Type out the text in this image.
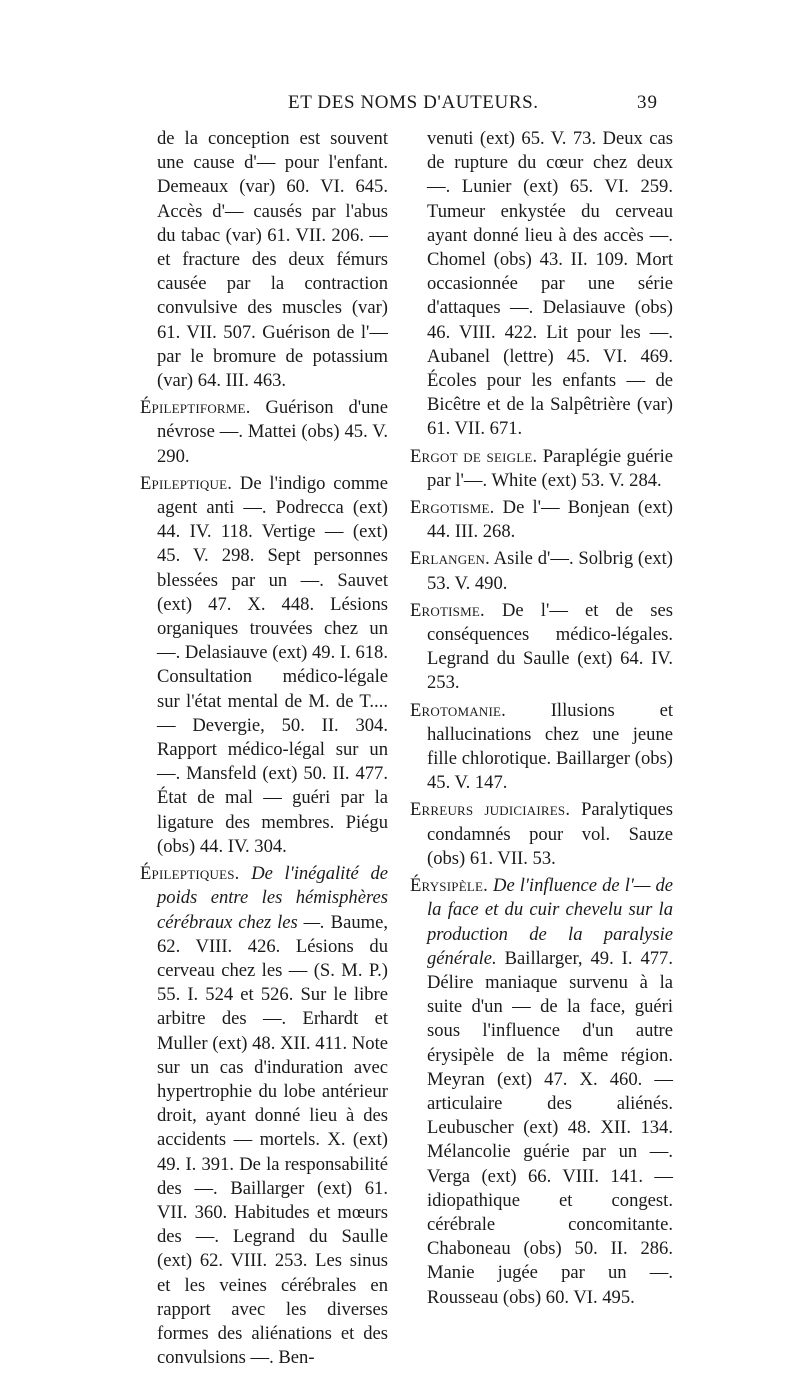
ET DES NOMS D'AUTEURS.	39

de la conception est souvent une cause d'— pour l'enfant. Demeaux (var) 60. VI. 645. Accès d'— causés par l'abus du tabac (var) 61. VII. 206. — et fracture des deux fémurs causée par la contraction convulsive des muscles (var) 61. VII. 507. Guérison de l'— par le bromure de potassium (var) 64. III. 463.

Épileptiforme. Guérison d'une névrose —. Mattei (obs) 45. V. 290.

Epileptique. De l'indigo comme agent anti —. Podrecca (ext) 44. IV. 118. Vertige — (ext) 45. V. 298. Sept personnes blessées par un —. Sauvet (ext) 47. X. 448. Lésions organiques trouvées chez un —. Delasiauve (ext) 49. I. 618. Consultation médico-légale sur l'état mental de M. de T.... — Devergie, 50. II. 304. Rapport médico-légal sur un —. Mansfeld (ext) 50. II. 477. État de mal — guéri par la ligature des membres. Piégu (obs) 44. IV. 304.

Épileptiques. De l'inégalité de poids entre les hémisphères cérébraux chez les —. Baume, 62. VIII. 426. Lésions du cerveau chez les — (S. M. P.) 55. I. 524 et 526. Sur le libre arbitre des —. Erhardt et Muller (ext) 48. XII. 411. Note sur un cas d'induration avec hypertrophie du lobe antérieur droit, ayant donné lieu à des accidents — mortels. X. (ext) 49. I. 391. De la responsabilité des —. Baillarger (ext) 61. VII. 360. Habitudes et mœurs des —. Legrand du Saulle (ext) 62. VIII. 253. Les sinus et les veines cérébrales en rapport avec les diverses formes des aliénations et des convulsions —. Ben-

venuti (ext) 65. V. 73. Deux cas de rupture du cœur chez deux —. Lunier (ext) 65. VI. 259. Tumeur enkystée du cerveau ayant donné lieu à des accès —. Chomel (obs) 43. II. 109. Mort occasionnée par une série d'attaques —. Delasiauve (obs) 46. VIII. 422. Lit pour les —. Aubanel (lettre) 45. VI. 469. Écoles pour les enfants — de Bicêtre et de la Salpêtrière (var) 61. VII. 671.

Ergot de seigle. Paraplégie guérie par l'—. White (ext) 53. V. 284.

Ergotisme. De l'— Bonjean (ext) 44. III. 268.

Erlangen. Asile d'—. Solbrig (ext) 53. V. 490.

Erotisme. De l'— et de ses conséquences médico-légales. Legrand du Saulle (ext) 64. IV. 253.

Erotomanie. Illusions et hallucinations chez une jeune fille chlorotique. Baillarger (obs) 45. V. 147.

Erreurs judiciaires. Paralytiques condamnés pour vol. Sauze (obs) 61. VII. 53.

Érysipèle. De l'influence de l'— de la face et du cuir chevelu sur la production de la paralysie générale. Baillarger, 49. I. 477. Délire maniaque survenu à la suite d'un — de la face, guéri sous l'influence d'un autre érysipèle de la même région. Meyran (ext) 47. X. 460. — articulaire des aliénés. Leubuscher (ext) 48. XII. 134. Mélancolie guérie par un —. Verga (ext) 66. VIII. 141. — idiopathique et congest. cérébrale concomitante. Chaboneau (obs) 50. II. 286. Manie jugée par un —. Rousseau (obs) 60. VI. 495.
